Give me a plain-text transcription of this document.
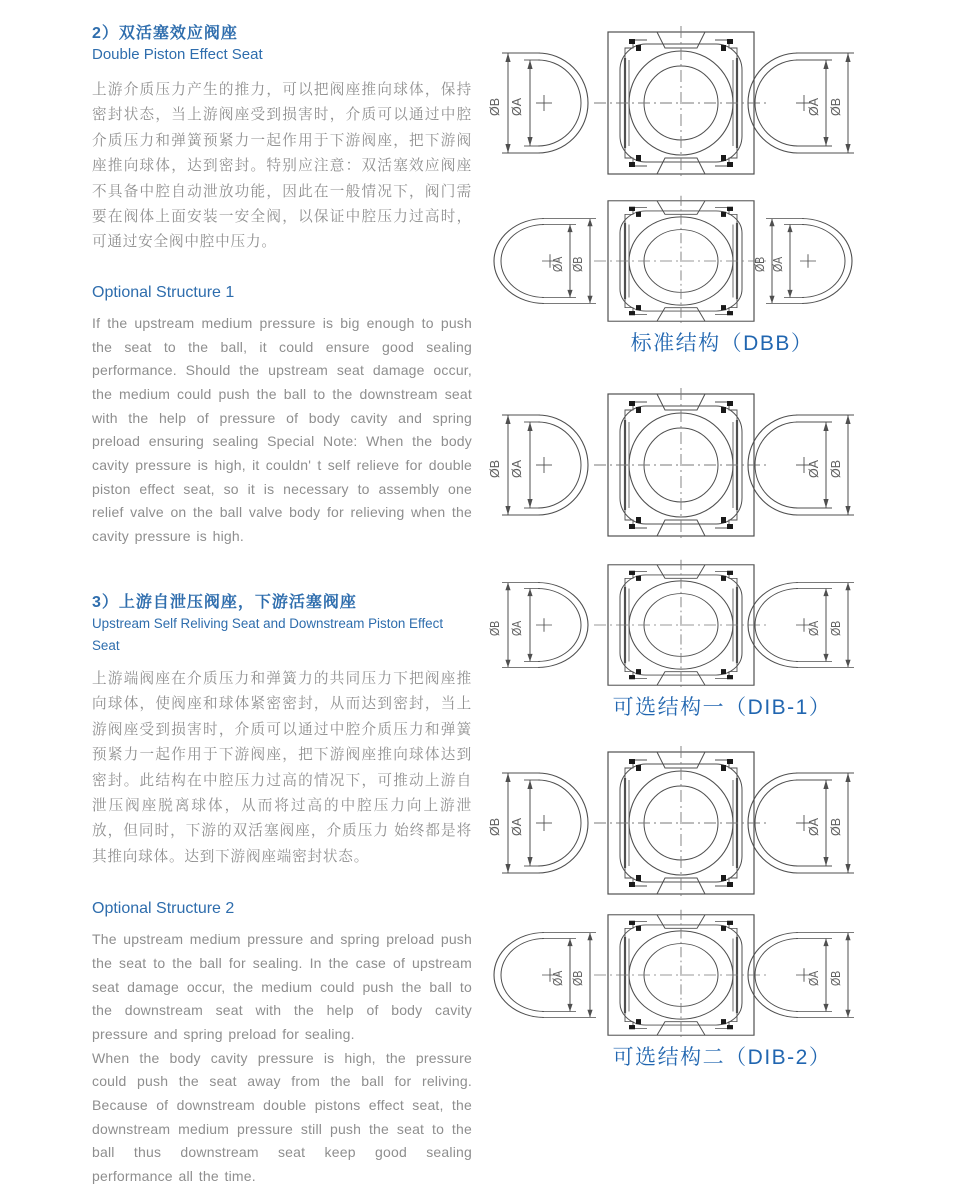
2）双活塞效应阀座
Double Piston Effect Seat

上游介质压力产生的推力，可以把阀座推向球体，保持密封状态，当上游阀座受到损害时，介质可以通过中腔介质压力和弹簧预紧力一起作用于下游阀座，把下游阀座推向球体，达到密封。特别应注意：双活塞效应阀座不具备中腔自动泄放功能，因此在一般情况下，阀门需要在阀体上面安装一安全阀，以保证中腔压力过高时，可通过安全阀中腔中压力。

Optional Structure 1

If the upstream medium pressure is big enough to push the seat to the ball, it could ensure good sealing performance. Should the upstream seat damage occur, the medium could push the ball to the downstream seat with the help of pressure of body cavity and spring preload ensuring sealing Special Note: When the body cavity pressure is high, it couldn' t self relieve for double piston effect seat, so it is necessary to assembly one relief valve on the ball valve body for relieving when the cavity pressure is high.

3）上游自泄压阀座，下游活塞阀座
Upstream Self Reliving Seat and Downstream Piston Effect Seat

上游端阀座在介质压力和弹簧力的共同压力下把阀座推向球体，使阀座和球体紧密密封，从而达到密封，当上游阀座受到损害时，介质可以通过中腔介质压力和弹簧预紧力一起作用于下游阀座，把下游阀座推向球体达到密封。此结构在中腔压力过高的情况下，可推动上游自泄压阀座脱离球体，从而将过高的中腔压力向上游泄放，但同时，下游的双活塞阀座，介质压力 始终都是将其推向球体。达到下游阀座端密封状态。

Optional Structure 2

The upstream medium pressure and spring preload push the seat to the ball for sealing. In the case of upstream seat damage occur, the medium could push the ball to the downstream seat with the help of body cavity pressure and spring preload for sealing.

When the body cavity pressure is high, the pressure could push the seat away from the ball for reliving. Because of downstream double pistons effect seat, the downstream medium pressure still push the seat to the ball thus downstream seat keep good sealing performance all the time.

ØB ØA	ØB
ØA
ØB
ØA	ØB ØA
标准结构（DBB）
ØB ØA	ØB
ØA
ØB ØA	ØB
ØA
可选结构一（DIB-1）
ØB ØA	ØB
ØA
ØB
ØA	ØB
ØA
可选结构二（DIB-2）
